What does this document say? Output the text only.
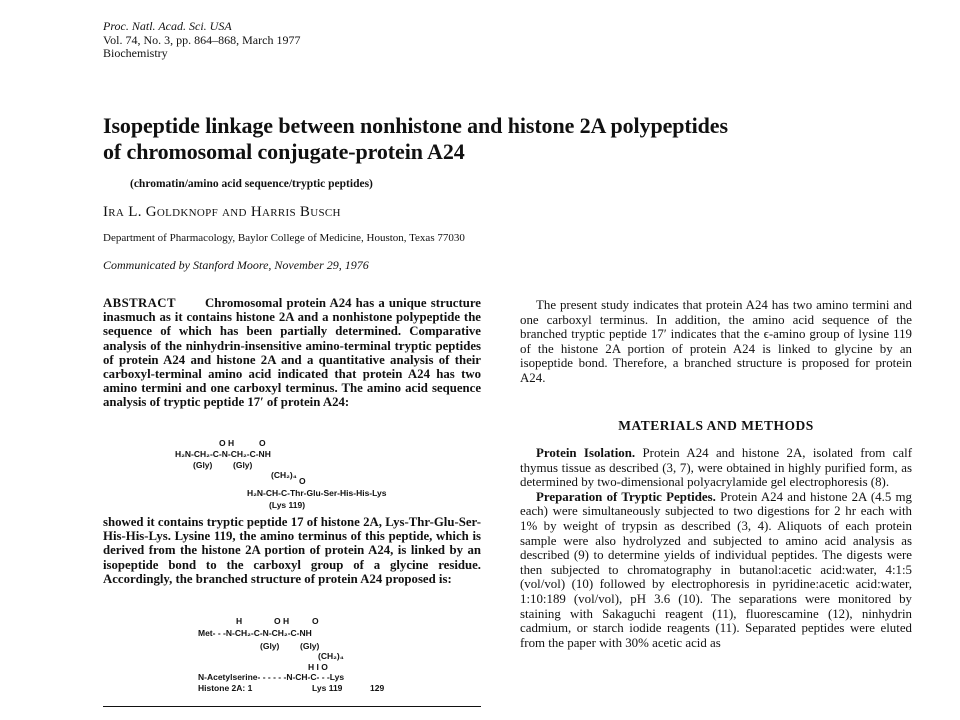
Proc. Natl. Acad. Sci. USA
Vol. 74, No. 3, pp. 864–868, March 1977
Biochemistry
Isopeptide linkage between nonhistone and histone 2A polypeptides
of chromosomal conjugate-protein A24
(chromatin/amino acid sequence/tryptic peptides)
Ira L. Goldknopf and Harris Busch
Department of Pharmacology, Baylor College of Medicine, Houston, Texas 77030
Communicated by Stanford Moore, November 29, 1976

ABSTRACT Chromosomal protein A24 has a unique structure inasmuch as it contains histone 2A and a nonhistone polypeptide the sequence of which has been partially determined. Comparative analysis of the ninhydrin-insensitive amino-terminal tryptic peptides of protein A24 and histone 2A and a quantitative analysis of their carboxyl-terminal amino acid indicated that protein A24 has two amino termini and one carboxyl terminus. The amino acid sequence analysis of tryptic peptide 17′ of protein A24:

O H	O
H₂N-CH₂-C-N-CH₂-C-NH
(Gly) (Gly)
(CH₂)₄
O
H₂N-CH-C-Thr-Glu-Ser-His-His-Lys
(Lys 119)

showed it contains tryptic peptide 17 of histone 2A, Lys-Thr-Glu-Ser-His-His-Lys. Lysine 119, the amino terminus of this peptide, which is derived from the histone 2A portion of protein A24, is linked by an isopeptide bond to the carboxyl group of a glycine residue. Accordingly, the branched structure of protein A24 proposed is:

H	O H	O
Met- - -N-CH₂-C-N-CH₂-C-NH
(Gly) (Gly)
(CH₂)₄
H I O
N-Acetylserine- - - - - -N-CH-C- - -Lys
Histone 2A: 1	Lys 119	129

The present study indicates that protein A24 has two amino termini and one carboxyl terminus. In addition, the amino acid sequence of the branched tryptic peptide 17′ indicates that the ϵ-amino group of lysine 119 of the histone 2A portion of protein A24 is linked to glycine by an isopeptide bond. Therefore, a branched structure is proposed for protein A24.

MATERIALS AND METHODS

Protein Isolation. Protein A24 and histone 2A, isolated from calf thymus tissue as described (3, 7), were obtained in highly purified form, as determined by two-dimensional polyacrylamide gel electrophoresis (8).

Preparation of Tryptic Peptides. Protein A24 and histone 2A (4.5 mg each) were simultaneously subjected to two digestions for 2 hr each with 1% by weight of trypsin as described (3, 4). Aliquots of each protein sample were also hydrolyzed and subjected to amino acid analysis as described (9) to determine yields of individual peptides. The digests were then subjected to chromatography in butanol:acetic acid:water, 4:1:5 (vol/vol) (10) followed by electrophoresis in pyridine:acetic acid:water, 1:10:189 (vol/vol), pH 3.6 (10). The separations were monitored by staining with Sakaguchi reagent (11), fluorescamine (12), ninhydrin cadmium, or starch iodide reagents (11). Separated peptides were eluted from the paper with 30% acetic acid as
